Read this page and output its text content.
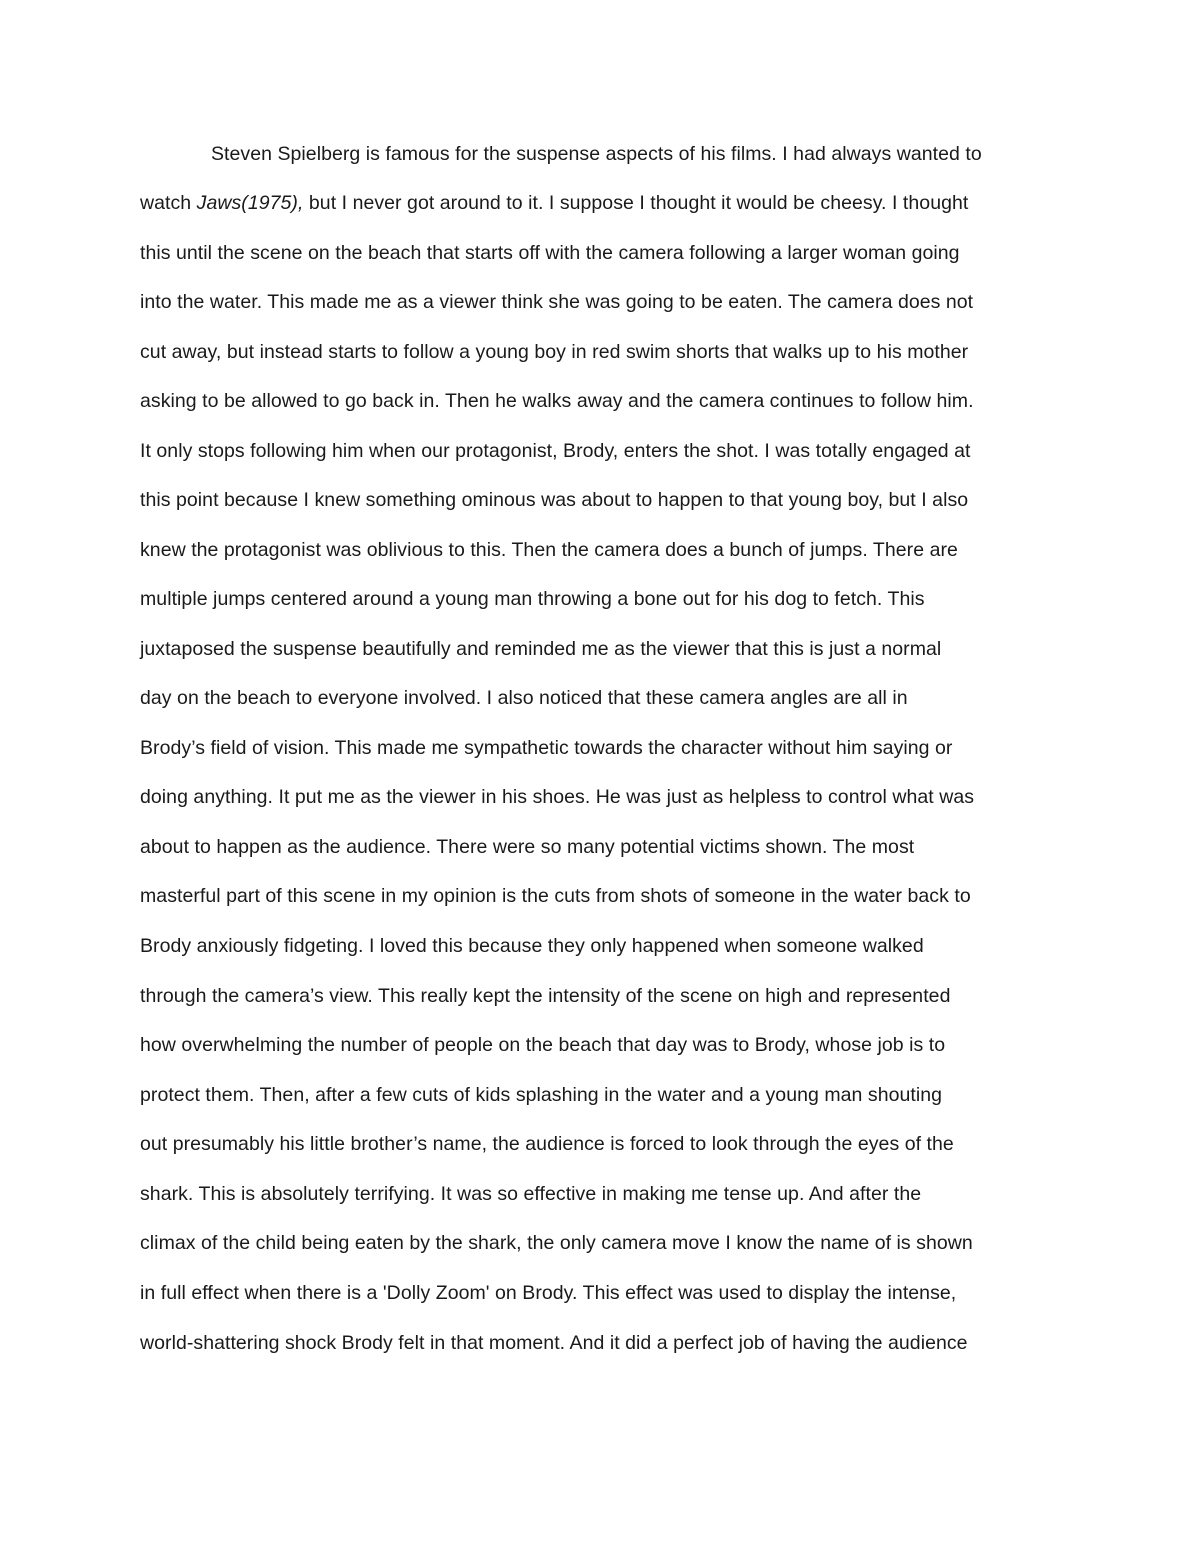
Steven Spielberg is famous for the suspense aspects of his films. I had always wanted to
watch Jaws(1975), but I never got around to it. I suppose I thought it would be cheesy. I thought
this until the scene on the beach that starts off with the camera following a larger woman going
into the water. This made me as a viewer think she was going to be eaten. The camera does not
cut away, but instead starts to follow a young boy in red swim shorts that walks up to his mother
asking to be allowed to go back in. Then he walks away and the camera continues to follow him.
It only stops following him when our protagonist, Brody, enters the shot. I was totally engaged at
this point because I knew something ominous was about to happen to that young boy, but I also
knew the protagonist was oblivious to this. Then the camera does a bunch of jumps. There are
multiple jumps centered around a young man throwing a bone out for his dog to fetch. This
juxtaposed the suspense beautifully and reminded me as the viewer that this is just a normal
day on the beach to everyone involved. I also noticed that these camera angles are all in
Brody’s field of vision. This made me sympathetic towards the character without him saying or
doing anything. It put me as the viewer in his shoes. He was just as helpless to control what was
about to happen as the audience. There were so many potential victims shown. The most
masterful part of this scene in my opinion is the cuts from shots of someone in the water back to
Brody anxiously fidgeting. I loved this because they only happened when someone walked
through the camera’s view. This really kept the intensity of the scene on high and represented
how overwhelming the number of people on the beach that day was to Brody, whose job is to
protect them. Then, after a few cuts of kids splashing in the water and a young man shouting
out presumably his little brother’s name, the audience is forced to look through the eyes of the
shark. This is absolutely terrifying. It was so effective in making me tense up. And after the
climax of the child being eaten by the shark, the only camera move I know the name of is shown
in full effect when there is a 'Dolly Zoom' on Brody. This effect was used to display the intense,
world-shattering shock Brody felt in that moment. And it did a perfect job of having the audience
